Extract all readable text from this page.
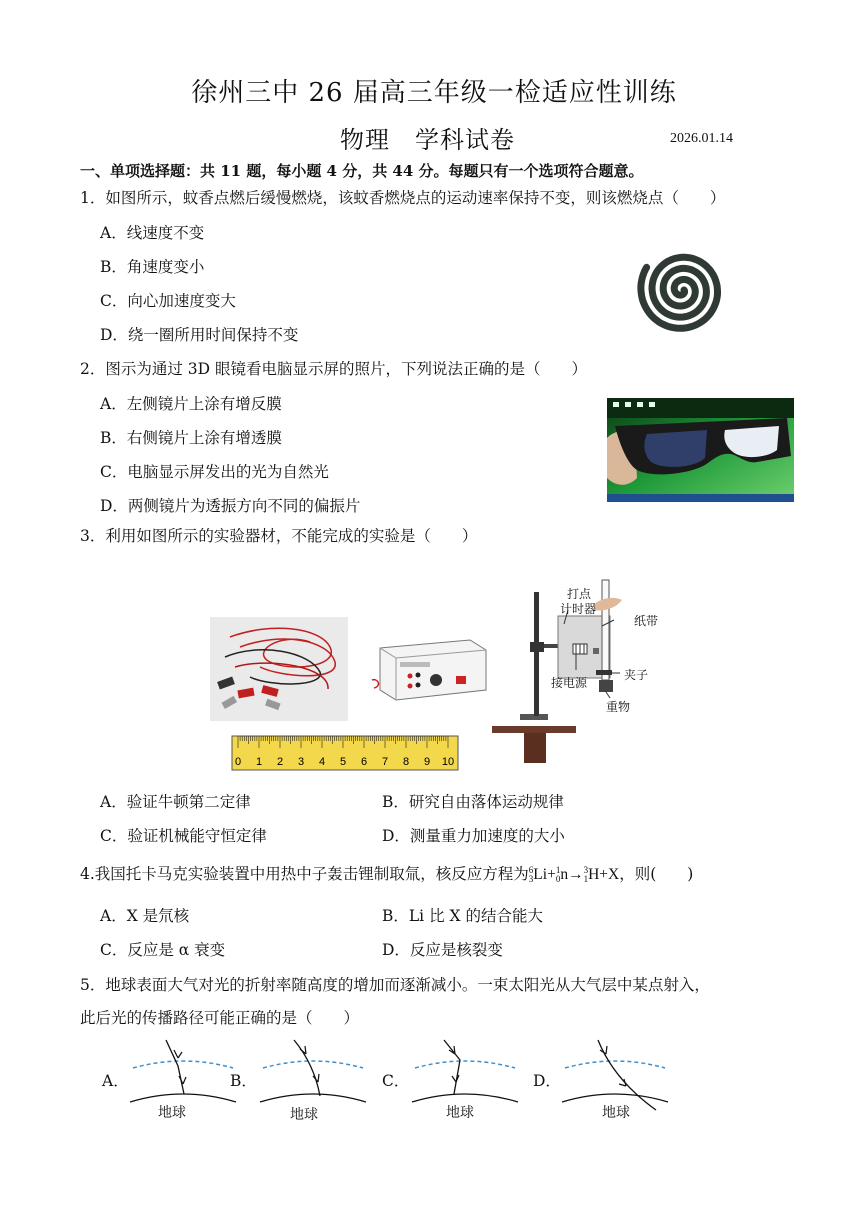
徐州三中 26 届高三年级一检适应性训练
物理　学科试卷	2026.01.14
一、单项选择题：共 11 题，每小题 4 分，共 44 分。每题只有一个选项符合题意。
1．如图所示，蚊香点燃后缓慢燃烧，该蚊香燃烧点的运动速率保持不变，则该燃烧点（　　）
A．线速度不变
B．角速度变小
C．向心加速度变大
D．绕一圈所用时间保持不变
2．图示为通过 3D 眼镜看电脑显示屏的照片，下列说法正确的是（　　）
A．左侧镜片上涂有增反膜
B．右侧镜片上涂有增透膜
C．电脑显示屏发出的光为自然光
D．两侧镜片为透振方向不同的偏振片
3．利用如图所示的实验器材，不能完成的实验是（　　）
打点
计时器
纸带
接电源
夹子
重物
0 1 2 3 4 5 6 7 8 9 10
A．验证牛顿第二定律	B．研究自由落体运动规律
C．验证机械能守恒定律	D．测量重力加速度的大小
4.我国托卡马克实验装置中用热中子轰击锂制取氚，核反应方程为6
3Li+1
0n→3
1H+X，则(　　)
A．X 是氘核	B．Li 比 X 的结合能大
C．反应是 α 衰变	D．反应是核裂变
5．地球表面大气对光的折射率随高度的增加而逐渐减小。一束太阳光从大气层中某点射入，
此后光的传播路径可能正确的是（　　）
A．	B．	C．	D．
地球	地球	地球	地球
